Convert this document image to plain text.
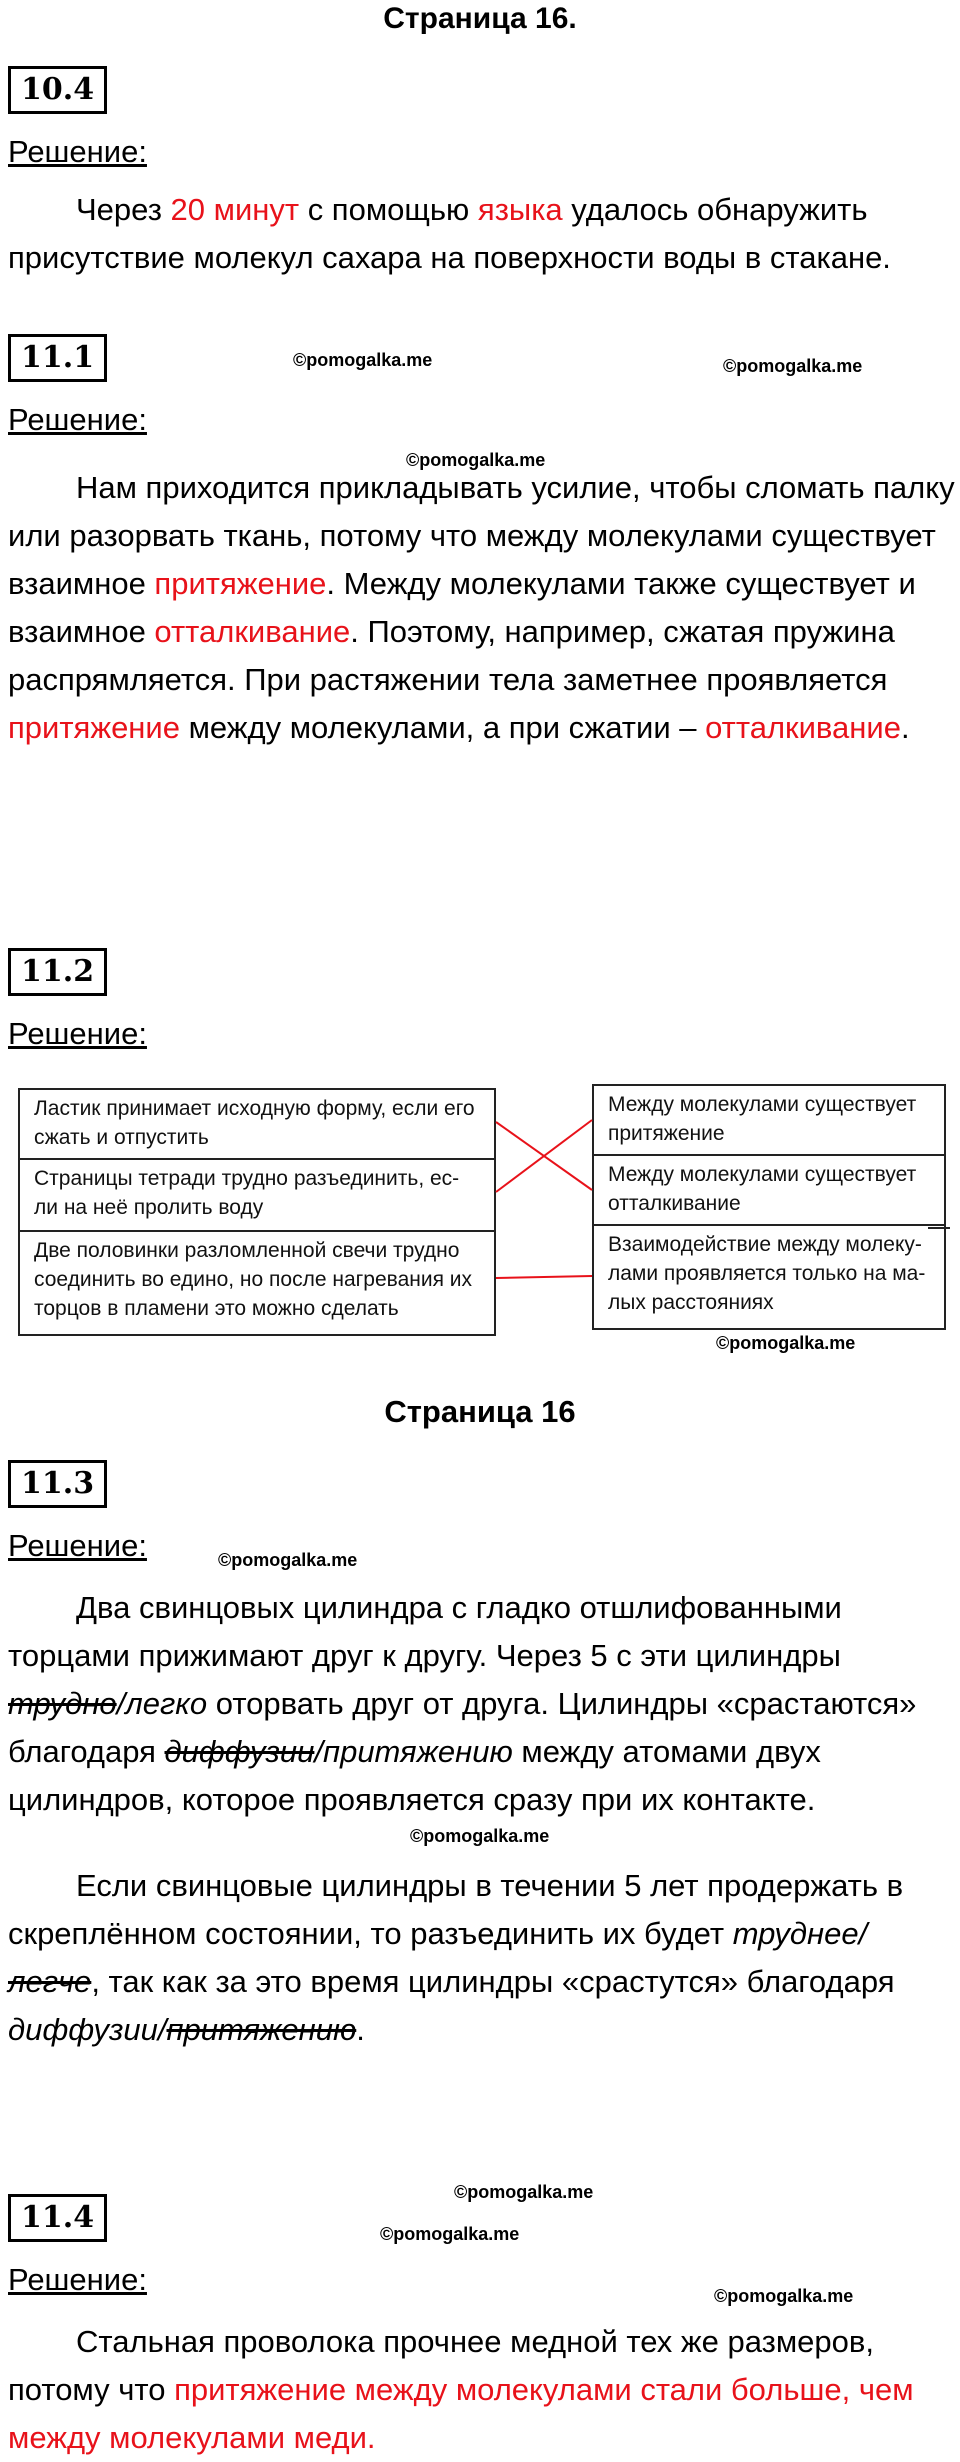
Страница 16.
10.4
Решение:

Через 20 минут с помощью языка удалось обнаружить присутствие молекул сахара на поверхности воды в стакане.

11.1	©pomogalka.me	©pomogalka.me
Решение:
©pomogalka.me

Нам приходится прикладывать усилие, чтобы сломать палку или разорвать ткань, потому что между молекулами существует взаимное притяжение. Между молекулами также существует и взаимное отталкивание. Поэтому, например, сжатая пружина распрямляется. При растяжении тела заметнее проявляется притяжение между молекулами, а при сжатии – отталкивание.

11.2
Решение:
Ластик принимает исходную форму, если его сжать и отпустить
Страницы тетради трудно разъединить, ес-ли на неё пролить воду
Две половинки разломленной свечи трудно соединить во едино, но после нагревания их торцов в пламени это можно сделать
Между молекулами существует притяжение
Между молекулами существует отталкивание
Взаимодействие между молеку-лами проявляется только на ма-лых расстояниях
©pomogalka.me
Страница 16
11.3
Решение:	©pomogalka.me

Два свинцовых цилиндра с гладко отшлифованными торцами прижимают друг к другу. Через 5 с эти цилиндры трудно/легко оторвать друг от друга. Цилиндры «срастаются» благодаря диффузии/притяжению между атомами двух цилиндров, которое проявляется сразу при их контакте.

©pomogalka.me

Если свинцовые цилиндры в течении 5 лет продержать в скреплённом состоянии, то разъединить их будет труднее/легче, так как за это время цилиндры «срастутся» благодаря диффузии/притяжению.

©pomogalka.me
11.4	©pomogalka.me
Решение:	©pomogalka.me

Стальная проволока прочнее медной тех же размеров, потому что притяжение между молекулами стали больше, чем между молекулами меди.
